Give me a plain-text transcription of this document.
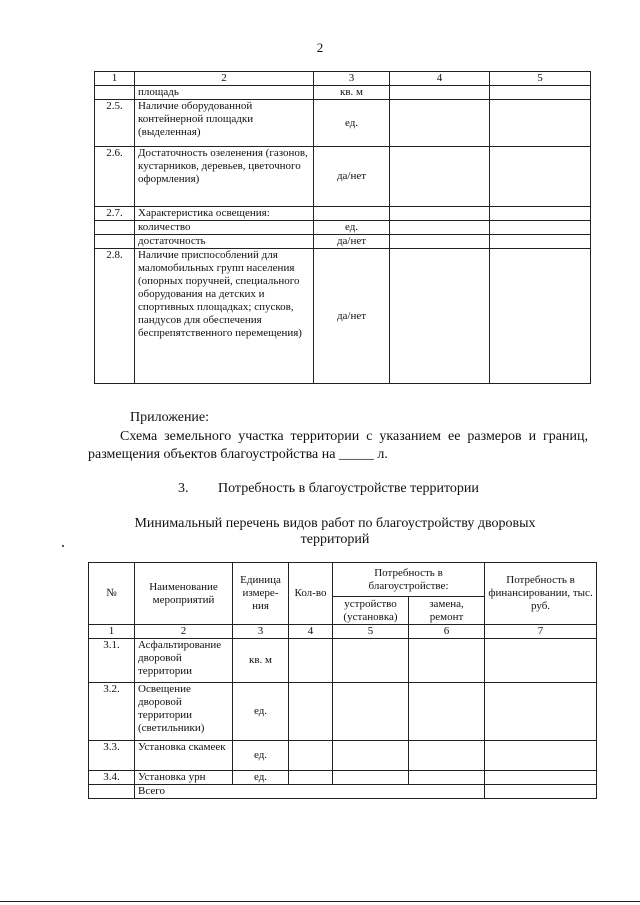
2
1	2	3	4	5
	площадь	кв. м		
2.5.	Наличие оборудованной контейнерной площадки (выделенная)	ед.		
2.6.	Достаточность озеленения (газонов, кустарников, деревьев, цветочного оформления)	да/нет		
2.7.	Характеристика освещения:			
	количество	ед.		
	достаточность	да/нет		
2.8.	Наличие приспособлений для маломобильных групп населения (опорных поручней, специального оборудования на детских и спортивных площадках; спусков, пандусов для обеспечения беспрепятственного перемещения)	да/нет		
Приложение:
Схема земельного участка территории с указанием ее размеров и границ, размещения объектов благоустройства на _____ л.
3. Потребность в благоустройстве территории
Минимальный перечень видов работ по благоустройству дворовых территорий
№	Наименование мероприятий	Единица измере-ния	Кол-во	Потребность в благоустройстве:		Потребность в финансировании, тыс. руб.
				устройство (установка)	замена, ремонт	
1	2	3	4	5	6	7
3.1.	Асфальтирование дворовой территории	кв. м				
3.2.	Освещение дворовой территории (светильники)	ед.				
3.3.	Установка скамеек	ед.				
3.4.	Установка урн	ед.				
	Всего					
